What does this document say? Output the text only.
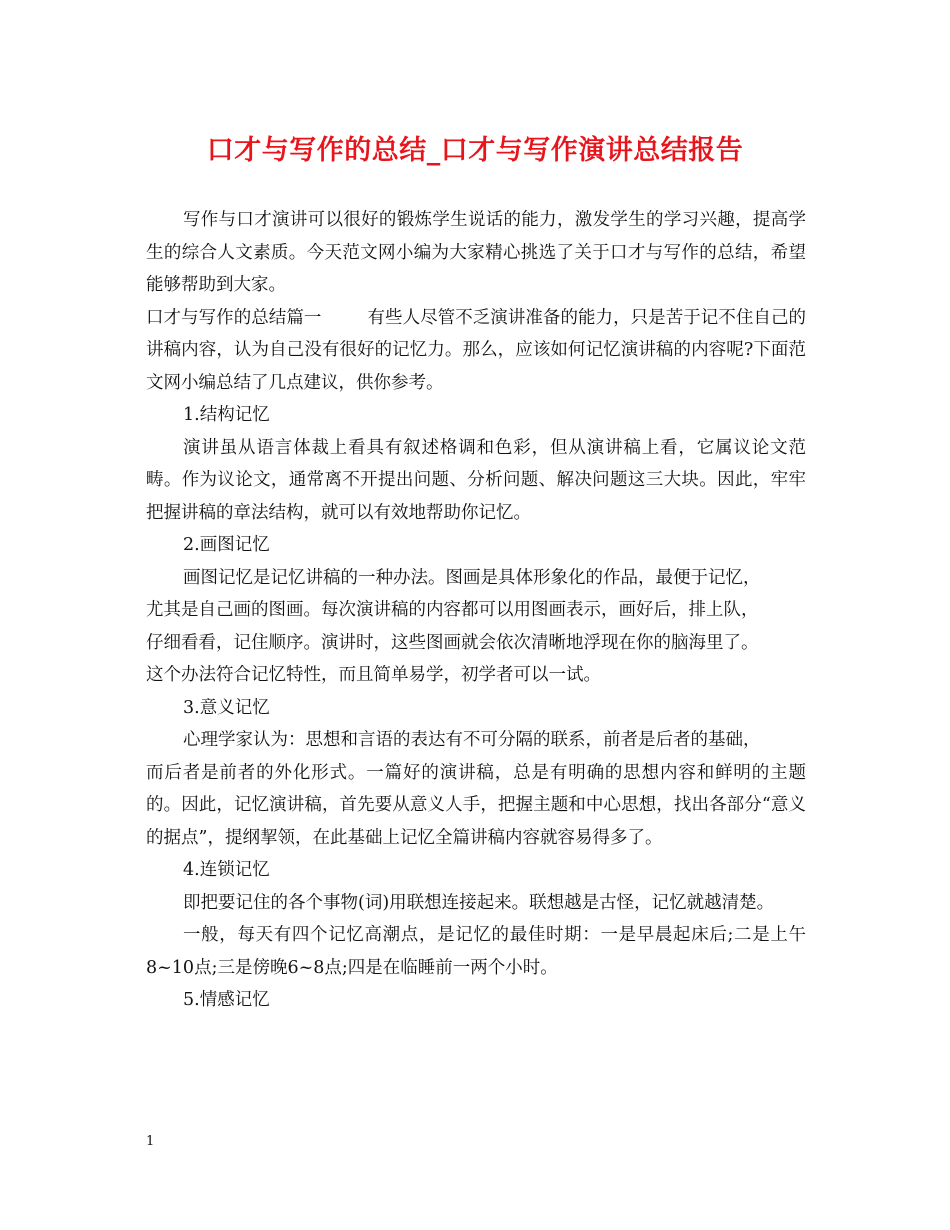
口才与写作的总结_口才与写作演讲总结报告

写作与口才演讲可以很好的锻炼学生说话的能力，激发学生的学习兴趣，提高学生的综合人文素质。今天范文网小编为大家精心挑选了关于口才与写作的总结，希望能够帮助到大家。

口才与写作的总结篇一	有些人尽管不乏演讲准备的能力，只是苦于记不住自己的讲稿内容，认为自己没有很好的记忆力。那么，应该如何记忆演讲稿的内容呢?下面范文网小编总结了几点建议，供你参考。

1.结构记忆

演讲虽从语言体裁上看具有叙述格调和色彩，但从演讲稿上看，它属议论文范畴。作为议论文，通常离不开提出问题、分析问题、解决问题这三大块。因此，牢牢把握讲稿的章法结构，就可以有效地帮助你记忆。

2.画图记忆

画图记忆是记忆讲稿的一种办法。图画是具体形象化的作品，最便于记忆，

尤其是自己画的图画。每次演讲稿的内容都可以用图画表示，画好后，排上队，

仔细看看，记住顺序。演讲时，这些图画就会依次清晰地浮现在你的脑海里了。

这个办法符合记忆特性，而且简单易学，初学者可以一试。

3.意义记忆

心理学家认为：思想和言语的表达有不可分隔的联系，前者是后者的基础，

而后者是前者的外化形式。一篇好的演讲稿，总是有明确的思想内容和鲜明的主题的。因此，记忆演讲稿，首先要从意义人手，把握主题和中心思想，找出各部分“意义的据点”，提纲挈领，在此基础上记忆全篇讲稿内容就容易得多了。

4.连锁记忆

即把要记住的各个事物(词)用联想连接起来。联想越是古怪，记忆就越清楚。

一般，每天有四个记忆高潮点，是记忆的最佳时期：一是早晨起床后;二是上午8~10点;三是傍晚6~8点;四是在临睡前一两个小时。

5.情感记忆

1
